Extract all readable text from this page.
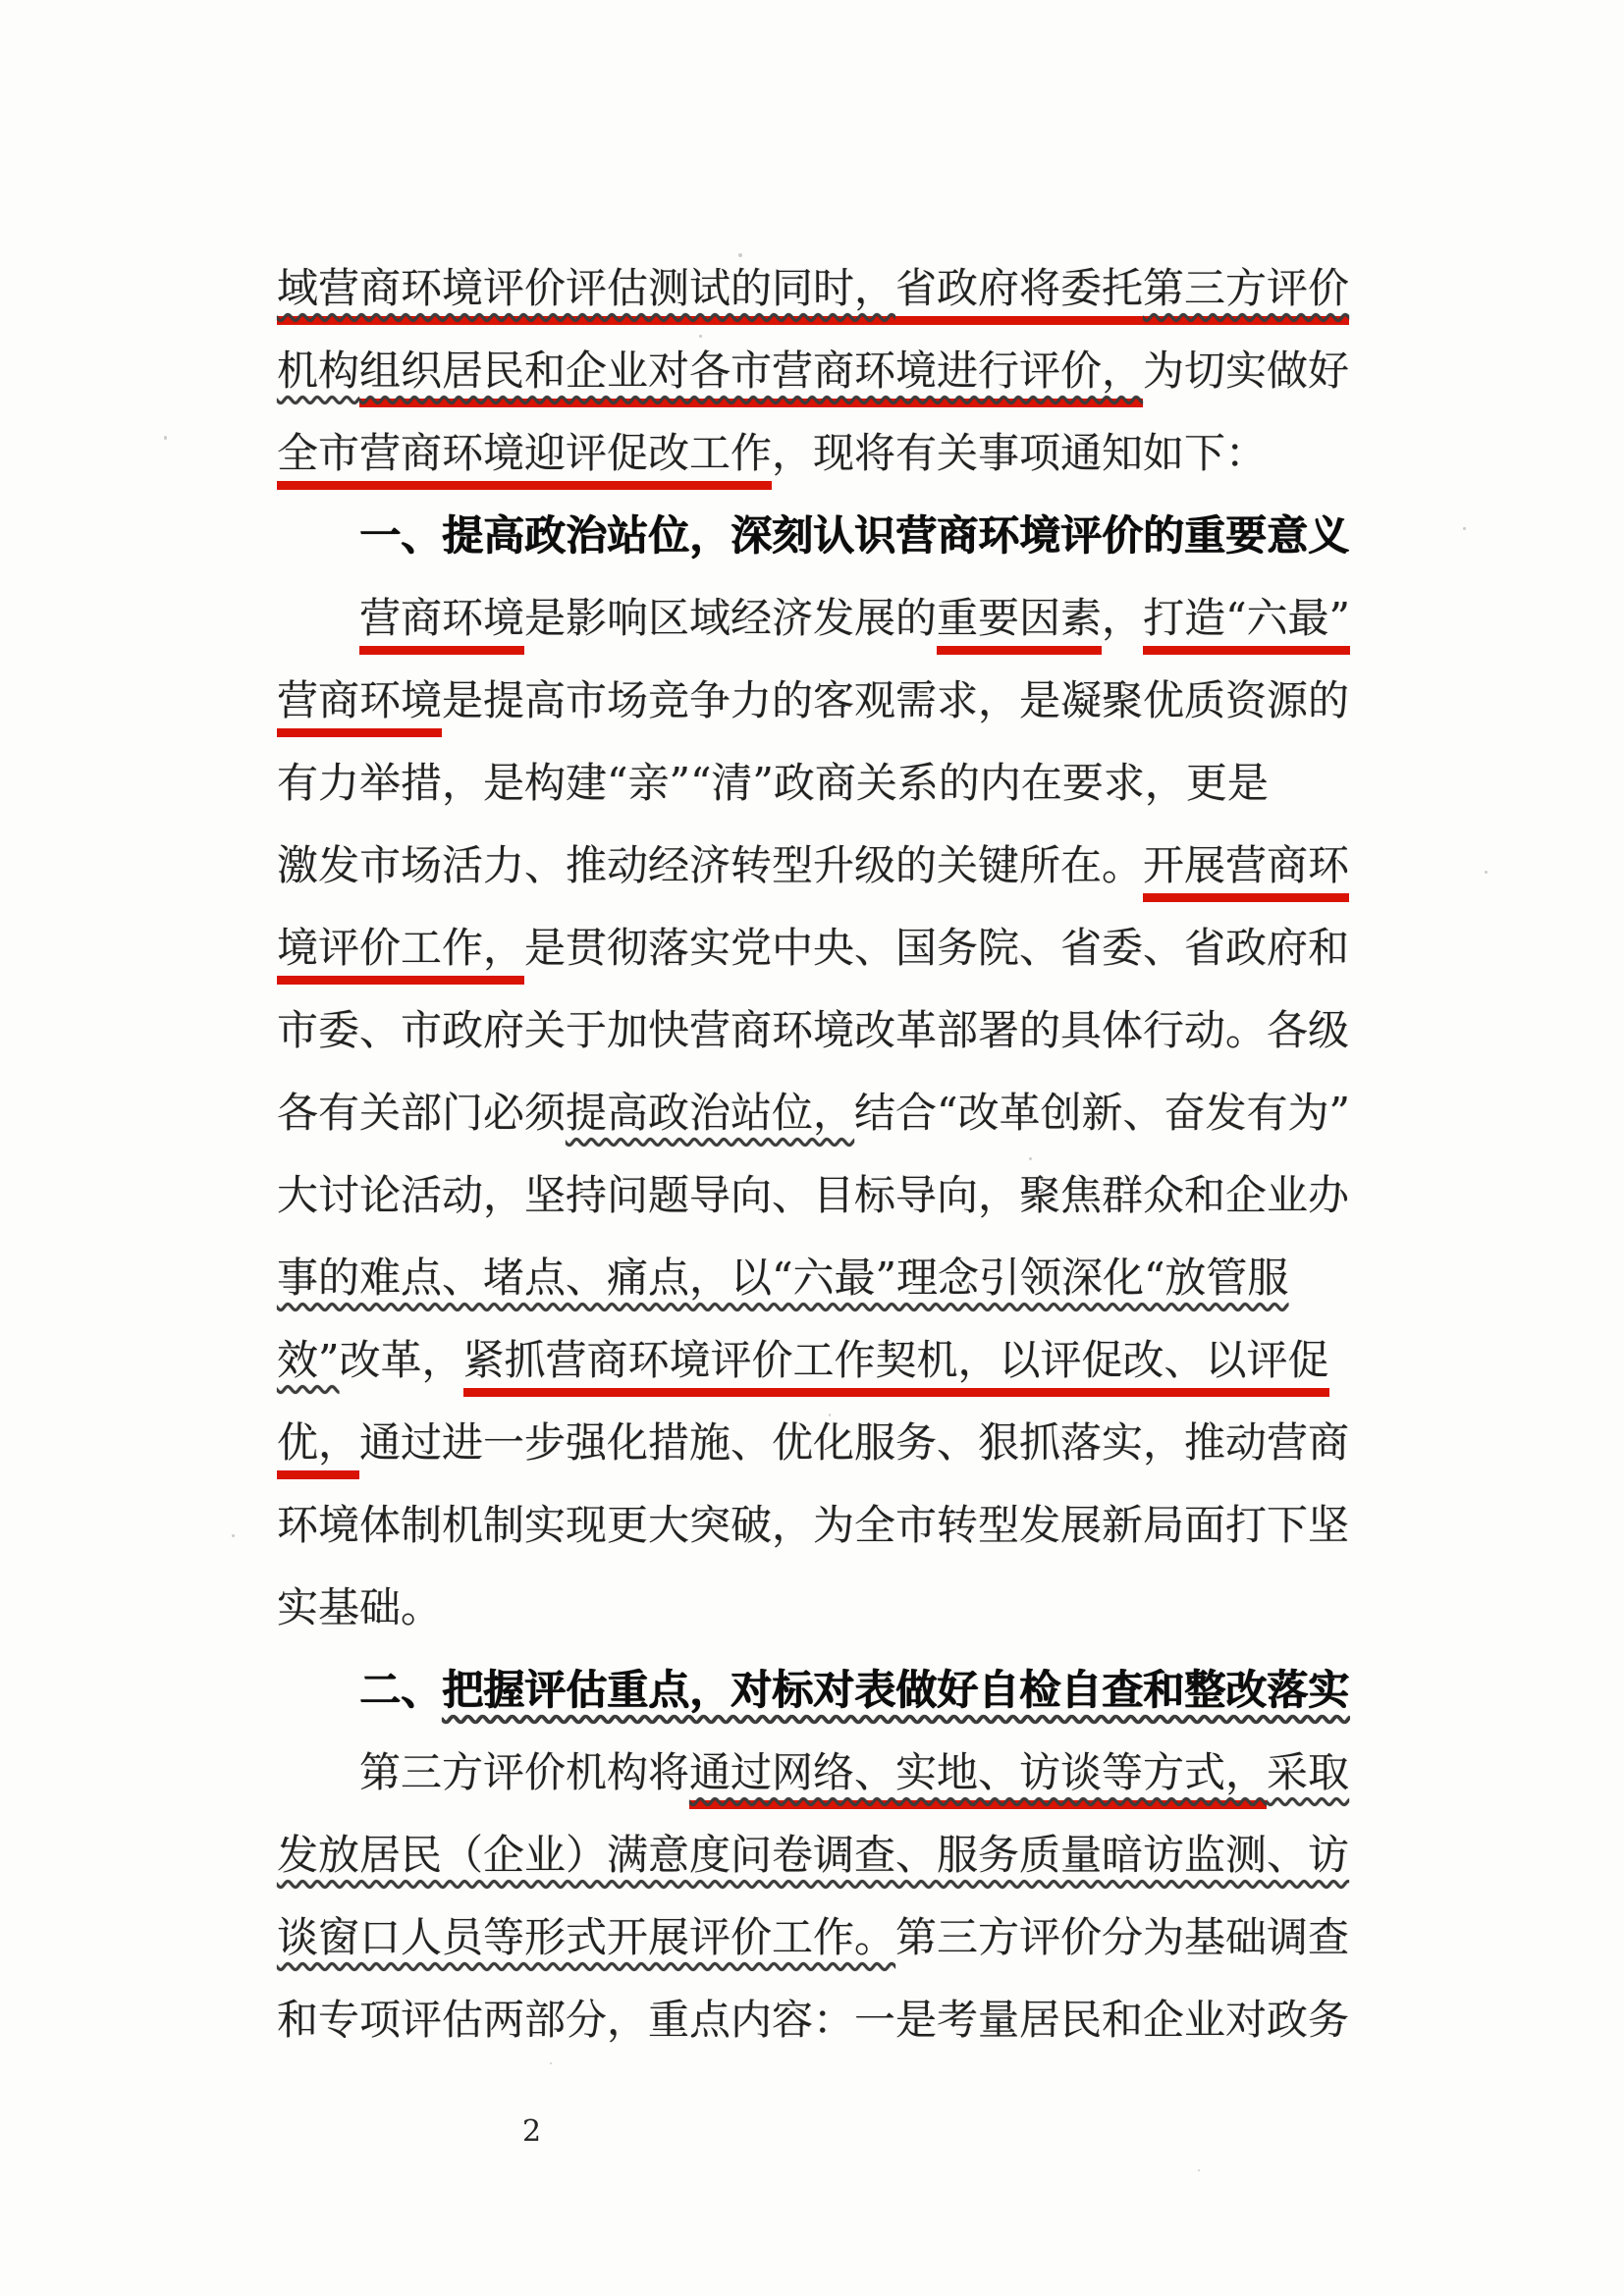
域营商环境评价评估测试的同时，省政府将委托第三方评价
机构组织居民和企业对各市营商环境进行评价，为切实做好
全市营商环境迎评促改工作，现将有关事项通知如下：
一、提高政治站位，深刻认识营商环境评价的重要意义
营商环境是影响区域经济发展的重要因素，打造“六最”
营商环境是提高市场竞争力的客观需求，是凝聚优质资源的
有力举措，是构建“亲”“清”政商关系的内在要求，更是
激发市场活力、推动经济转型升级的关键所在。开展营商环
境评价工作，是贯彻落实党中央、国务院、省委、省政府和
市委、市政府关于加快营商环境改革部署的具体行动。各级
各有关部门必须提高政治站位，结合“改革创新、奋发有为”
大讨论活动，坚持问题导向、目标导向，聚焦群众和企业办
事的难点、堵点、痛点，以“六最”理念引领深化“放管服
效”改革，紧抓营商环境评价工作契机，以评促改、以评促
优，通过进一步强化措施、优化服务、狠抓落实，推动营商
环境体制机制实现更大突破，为全市转型发展新局面打下坚
实基础。
二、把握评估重点，对标对表做好自检自查和整改落实
第三方评价机构将通过网络、实地、访谈等方式，采取
发放居民（企业）满意度问卷调查、服务质量暗访监测、访
谈窗口人员等形式开展评价工作。第三方评价分为基础调查
和专项评估两部分，重点内容：一是考量居民和企业对政务
2
